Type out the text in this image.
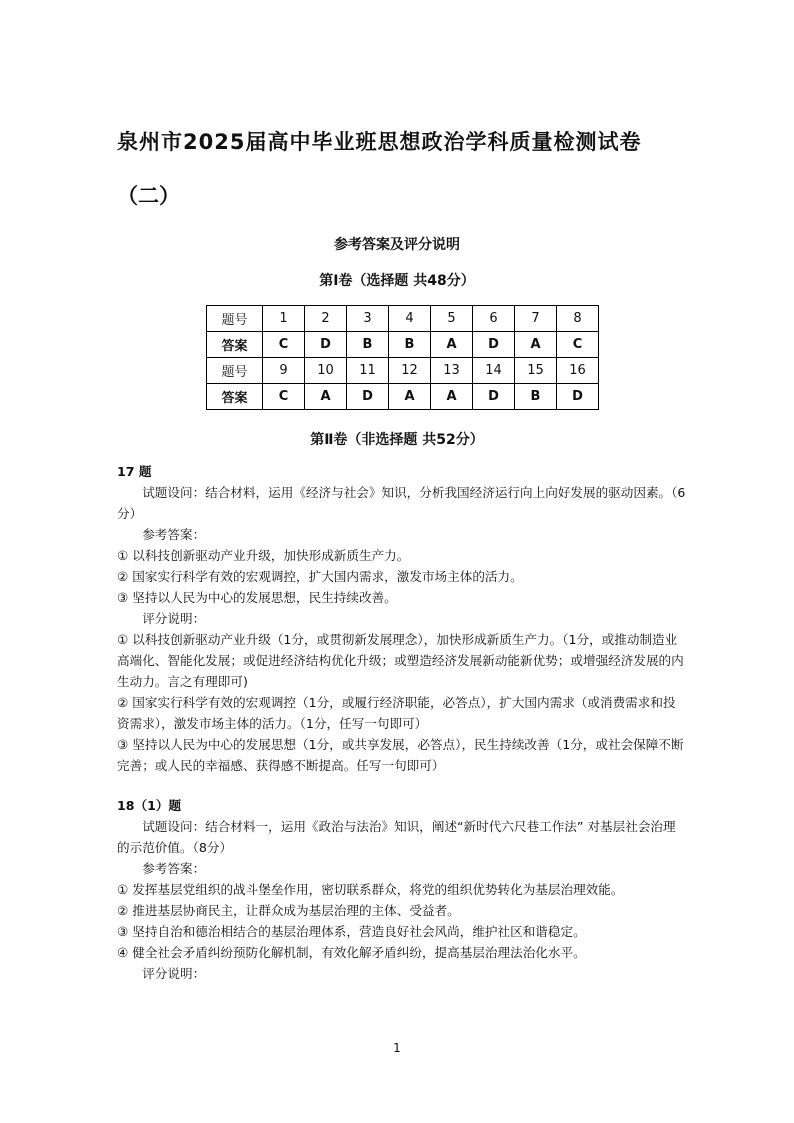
泉州市2025届高中毕业班思想政治学科质量检测试卷
（二）

参考答案及评分说明

第Ⅰ卷（选择题 共48分）

题号	1	2	3	4	5	6	7	8
答案	C	D	B	B	A	D	A	C
题号	9	10	11	12	13	14	15	16
答案	C	A	D	A	A	D	B	D

第Ⅱ卷（非选择题 共52分）

17 题

试题设问：结合材料，运用《经济与社会》知识，分析我国经济运行向上向好发展的驱动因素。（6分）

参考答案：

① 以科技创新驱动产业升级，加快形成新质生产力。

② 国家实行科学有效的宏观调控，扩大国内需求，激发市场主体的活力。

③ 坚持以人民为中心的发展思想，民生持续改善。

评分说明：

① 以科技创新驱动产业升级（1分，或贯彻新发展理念），加快形成新质生产力。（1分，或推动制造业高端化、智能化发展；或促进经济结构优化升级；或塑造经济发展新动能新优势；或增强经济发展的内生动力。言之有理即可)

② 国家实行科学有效的宏观调控（1分，或履行经济职能，必答点），扩大国内需求（或消费需求和投资需求），激发市场主体的活力。（1分，任写一句即可）

③ 坚持以人民为中心的发展思想（1分，或共享发展，必答点），民生持续改善（1分，或社会保障不断完善；或人民的幸福感、获得感不断提高。任写一句即可）

18（1）题

试题设问：结合材料一，运用《政治与法治》知识，阐述“新时代六尺巷工作法” 对基层社会治理的示范价值。（8分）

参考答案：

① 发挥基层党组织的战斗堡垒作用，密切联系群众，将党的组织优势转化为基层治理效能。

② 推进基层协商民主，让群众成为基层治理的主体、受益者。

③ 坚持自治和德治相结合的基层治理体系，营造良好社会风尚，维护社区和谐稳定。

④ 健全社会矛盾纠纷预防化解机制，有效化解矛盾纠纷，提高基层治理法治化水平。

评分说明：

1
